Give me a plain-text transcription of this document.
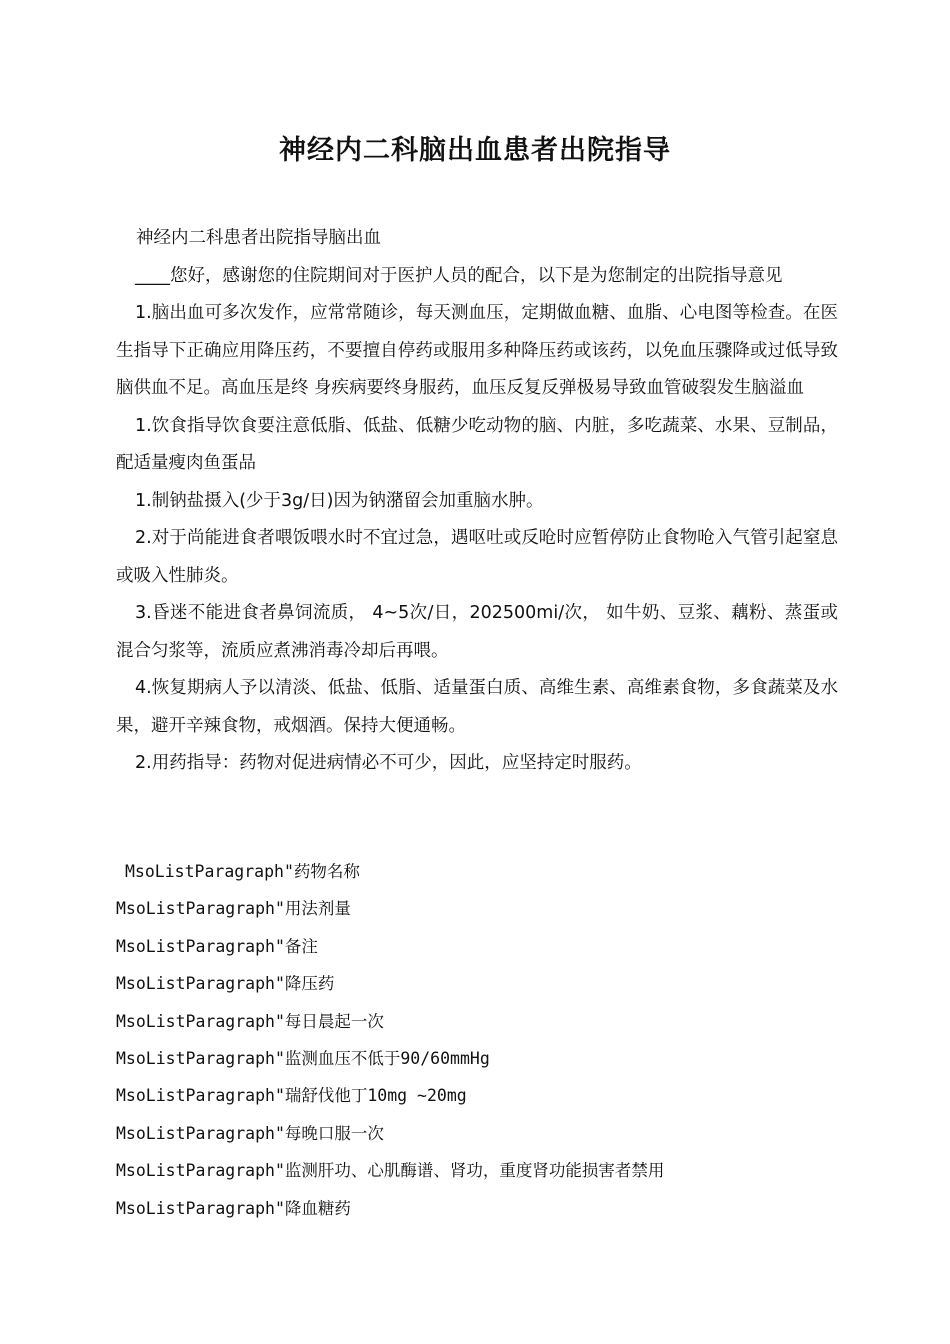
神经内二科脑出血患者出院指导

神经内二科患者出院指导脑出血

____您好，感谢您的住院期间对于医护人员的配合，以下是为您制定的出院指导意见

1.脑出血可多次发作，应常常随诊，每天测血压，定期做血糖、血脂、心电图等检查。在医生指导下正确应用降压药，不要擅自停药或服用多种降压药或该药，以免血压骤降或过低导致脑供血不足。高血压是终 身疾病要终身服药，血压反复反弹极易导致血管破裂发生脑溢血

1.饮食指导饮食要注意低脂、低盐、低糖少吃动物的脑、内脏，多吃蔬菜、水果、豆制品，配适量瘦肉鱼蛋品

1.制钠盐摄入(少于3g/日)因为钠潴留会加重脑水肿。

2.对于尚能进食者喂饭喂水时不宜过急，遇呕吐或反呛时应暂停防止食物呛入气管引起窒息或吸入性肺炎。

3.昏迷不能进食者鼻饲流质， 4~5次/日，202500mi/次， 如牛奶、豆浆、藕粉、蒸蛋或混合匀浆等，流质应煮沸消毒冷却后再喂。

4.恢复期病人予以清淡、低盐、低脂、适量蛋白质、高维生素、高维素食物，多食蔬菜及水果，避开辛辣食物，戒烟酒。保持大便通畅。

2.用药指导：药物对促进病情必不可少，因此，应坚持定时服药。

MsoListParagraph"药物名称
MsoListParagraph"用法剂量
MsoListParagraph"备注
MsoListParagraph"降压药
MsoListParagraph"每日晨起一次
MsoListParagraph"监测血压不低于90/60mmHg
MsoListParagraph"瑞舒伐他丁10mg ~20mg
MsoListParagraph"每晚口服一次
MsoListParagraph"监测肝功、心肌酶谱、肾功，重度肾功能损害者禁用
MsoListParagraph"降血糖药
